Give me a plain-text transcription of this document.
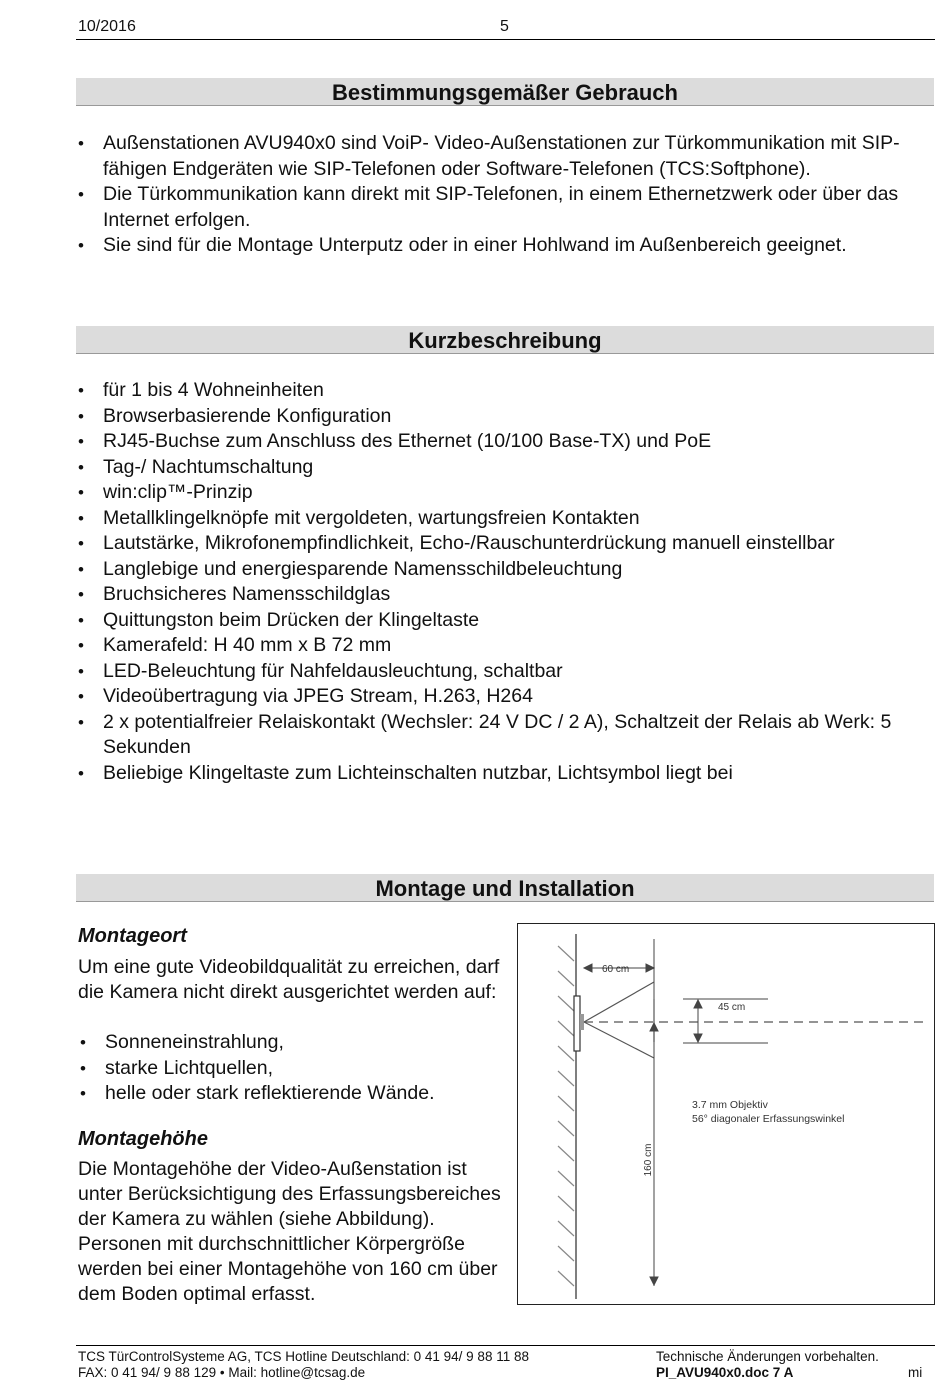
10/2016	5
Bestimmungsgemäßer Gebrauch
• Außenstationen AVU940x0 sind VoiP- Video-Außenstationen zur Türkommunikation mit SIP-fähigen Endgeräten wie SIP-Telefonen oder Software-Telefonen (TCS:Softphone).
• Die Türkommunikation kann direkt mit SIP-Telefonen, in einem Ethernetzwerk oder über das Internet erfolgen.
• Sie sind für die Montage Unterputz oder in einer Hohlwand im Außenbereich geeignet.
Kurzbeschreibung
• für 1 bis 4 Wohneinheiten
• Browserbasierende Konfiguration
• RJ45-Buchse zum Anschluss des Ethernet (10/100 Base-TX) und PoE
• Tag-/ Nachtumschaltung
• win:clip™-Prinzip
• Metallklingelknöpfe mit vergoldeten, wartungsfreien Kontakten
• Lautstärke, Mikrofonempfindlichkeit, Echo-/Rauschunterdrückung manuell einstellbar
• Langlebige und energiesparende Namensschildbeleuchtung
• Bruchsicheres Namensschildglas
• Quittungston beim Drücken der Klingeltaste
• Kamerafeld: H 40 mm x B 72 mm
• LED-Beleuchtung für Nahfeldausleuchtung, schaltbar
• Videoübertragung via JPEG Stream, H.263, H264
• 2 x potentialfreier Relaiskontakt (Wechsler: 24 V DC / 2 A), Schaltzeit der Relais ab Werk: 5 Sekunden
• Beliebige Klingeltaste zum Lichteinschalten nutzbar, Lichtsymbol liegt bei
Montage und Installation
Montageort
Um eine gute Videobildqualität zu erreichen, darf die Kamera nicht direkt ausgerichtet werden auf:
• Sonneneinstrahlung,
• starke Lichtquellen,
• helle oder stark reflektierende Wände.
Montagehöhe
Die Montagehöhe der Video-Außenstation ist unter Berücksichtigung des Erfassungsbereiches der Kamera zu wählen (siehe Abbildung). Personen mit durchschnittlicher Körpergröße werden bei einer Montagehöhe von 160 cm über dem Boden optimal erfasst.
60 cm
45 cm
160 cm
3.7 mm Objektiv
56° diagonaler Erfassungswinkel
TCS TürControlSysteme AG, TCS Hotline Deutschland: 0 41 94/ 9 88 11 88
FAX: 0 41 94/ 9 88 129 • Mail: hotline@tcsag.de
Technische Änderungen vorbehalten.
PI_AVU940x0.doc 7 A	mi
